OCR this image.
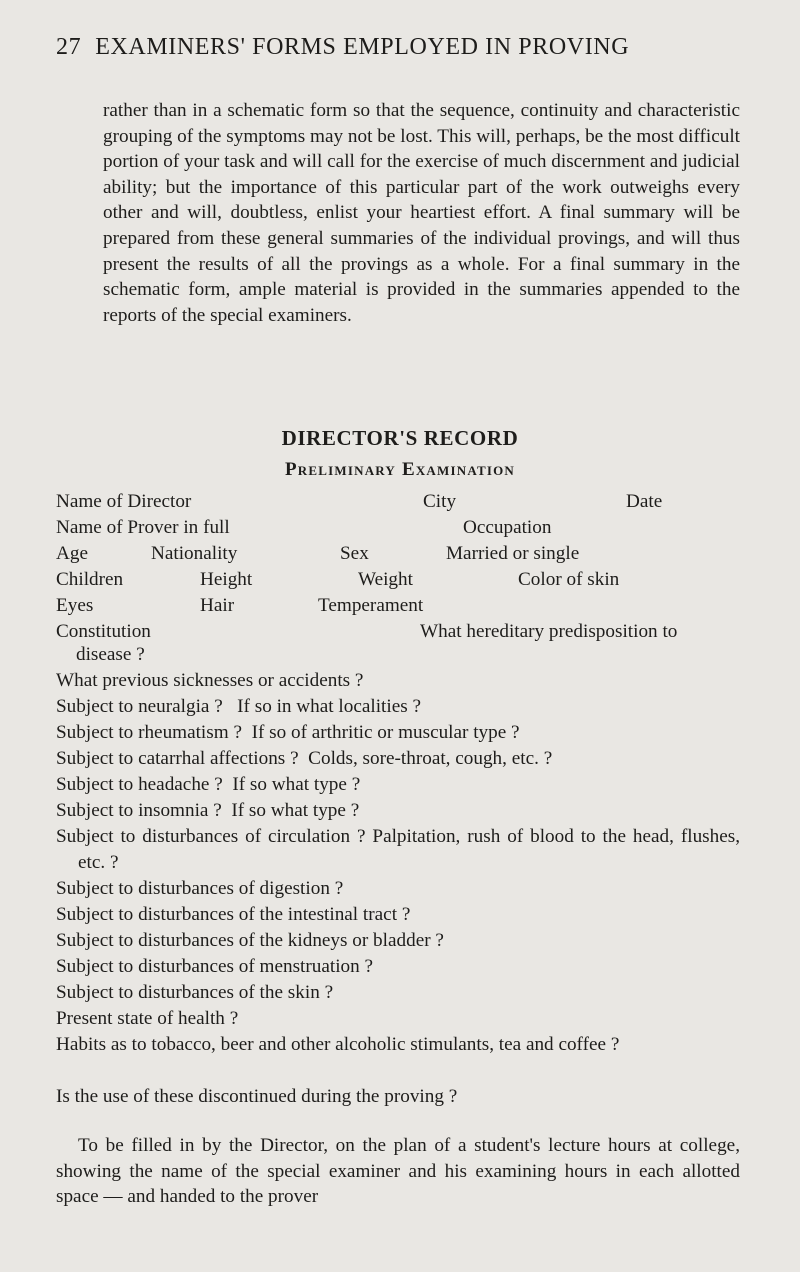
27 EXAMINERS' FORMS EMPLOYED IN PROVING

rather than in a schematic form so that the sequence, continuity and characteristic grouping of the symptoms may not be lost. This will, perhaps, be the most difficult portion of your task and will call for the exercise of much discernment and judicial ability; but the importance of this particular part of the work outweighs every other and will, doubtless, enlist your heartiest effort. A final summary will be prepared from these general summaries of the individual provings, and will thus present the results of all the provings as a whole. For a final summary in the schematic form, ample material is provided in the summaries appended to the reports of the special examiners.

DIRECTOR'S RECORD
Preliminary Examination
Name of Director	City	Date
Name of Prover in full	Occupation
Age	Nationality	Sex	Married or single
Children	Height	Weight	Color of skin
Eyes	Hair	Temperament
Constitution	What hereditary predisposition to
disease ?

What previous sicknesses or accidents ?

Subject to neuralgia ?   If so in what localities ?

Subject to rheumatism ?  If so of arthritic or muscular type ?

Subject to catarrhal affections ?  Colds, sore-throat, cough, etc. ?

Subject to headache ?  If so what type ?

Subject to insomnia ?  If so what type ?

Subject to disturbances of circulation ? Palpitation, rush of blood to the head, flushes, etc. ?

Subject to disturbances of digestion ?

Subject to disturbances of the intestinal tract ?

Subject to disturbances of the kidneys or bladder ?

Subject to disturbances of menstruation ?

Subject to disturbances of the skin ?

Present state of health ?

Habits as to tobacco, beer and other alcoholic stimulants, tea and coffee ?

Is the use of these discontinued during the proving ?

To be filled in by the Director, on the plan of a student's lecture hours at college, showing the name of the special examiner and his examining hours in each allotted space — and handed to the prover
